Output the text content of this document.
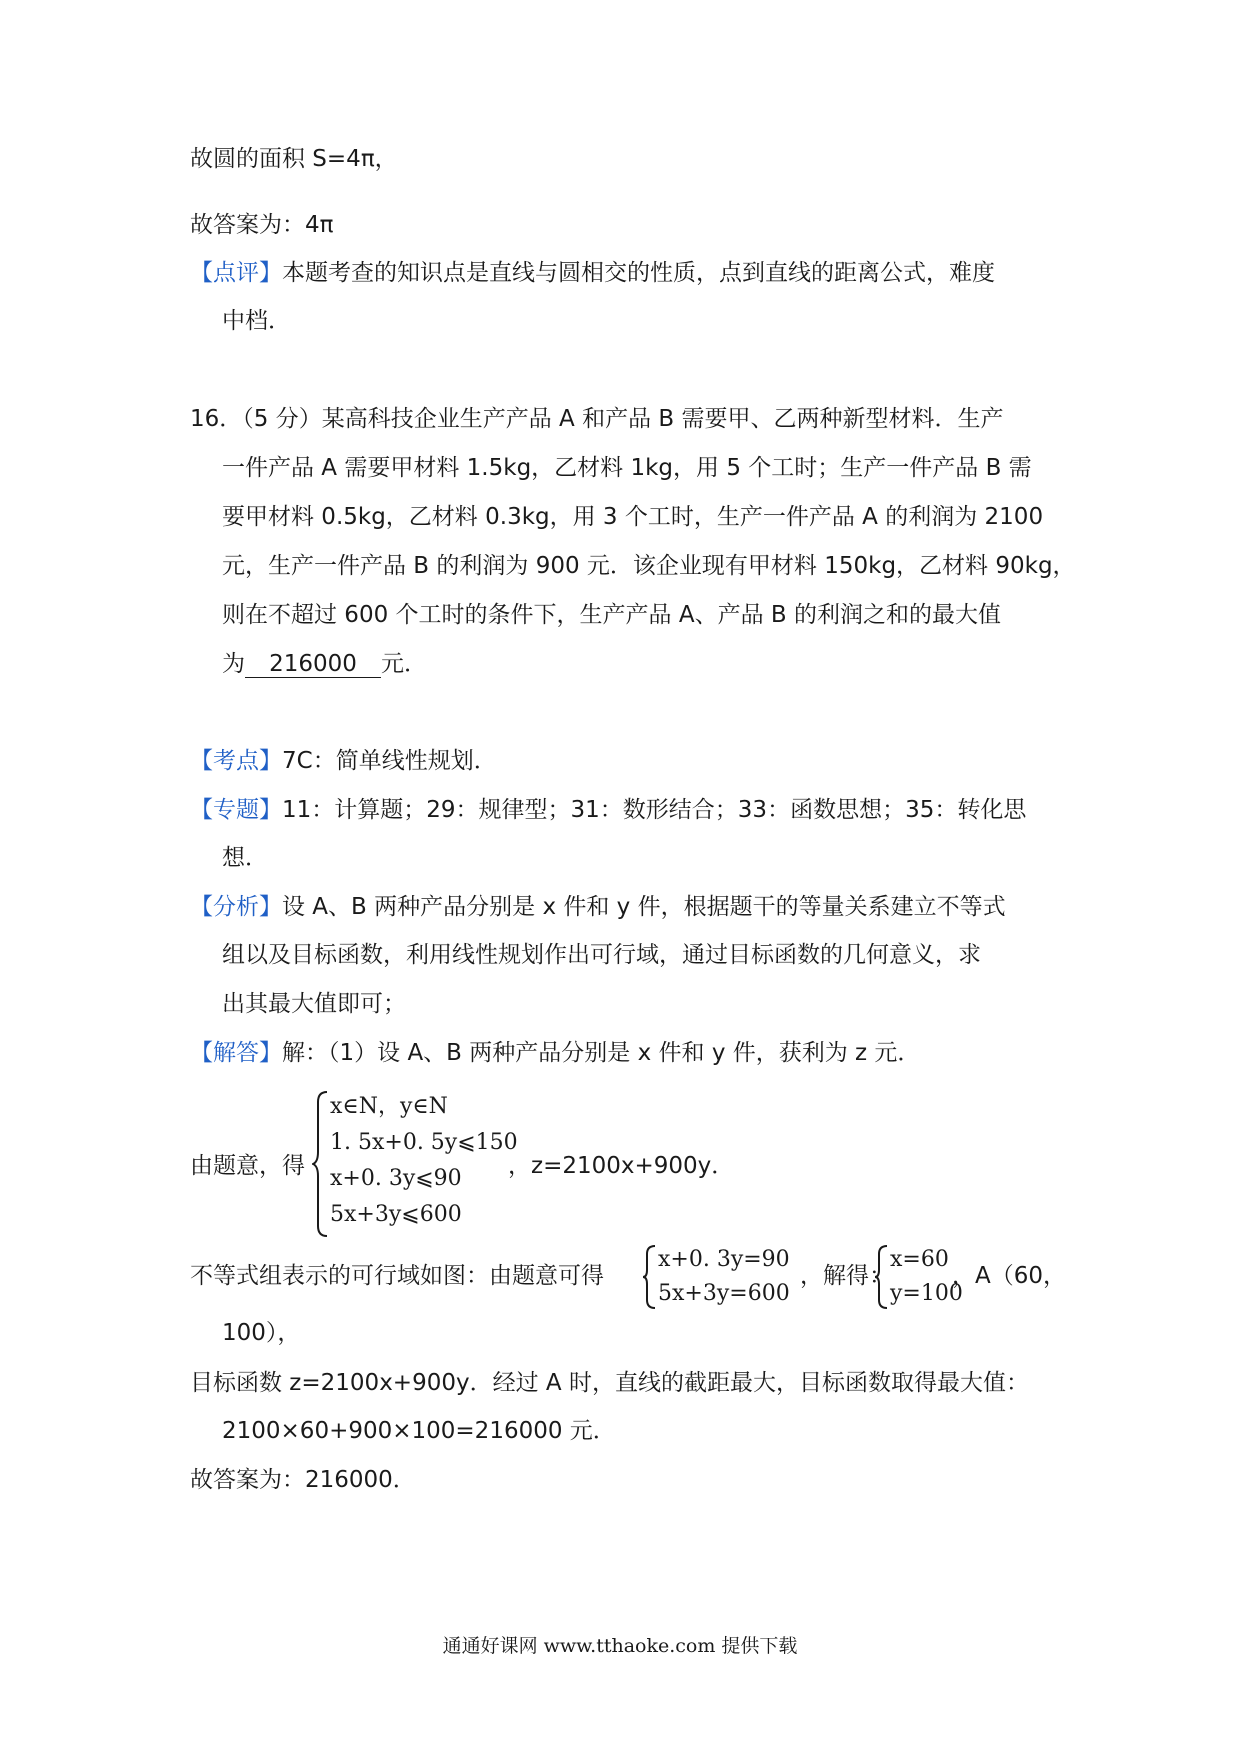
故圆的面积 S=4π，
故答案为：4π
【点评】本题考查的知识点是直线与圆相交的性质，点到直线的距离公式，难度
中档．
16．（5 分）某高科技企业生产产品 A 和产品 B 需要甲、乙两种新型材料．生产
一件产品 A 需要甲材料 1.5kg，乙材料 1kg，用 5 个工时；生产一件产品 B 需
要甲材料 0.5kg，乙材料 0.3kg，用 3 个工时，生产一件产品 A 的利润为 2100
元，生产一件产品 B 的利润为 900 元．该企业现有甲材料 150kg，乙材料 90kg，
则在不超过 600 个工时的条件下，生产产品 A、产品 B 的利润之和的最大值
为 216000 元．
【考点】7C：简单线性规划．
【专题】11：计算题；29：规律型；31：数形结合；33：函数思想；35：转化思
想．
【分析】设 A、B 两种产品分别是 x 件和 y 件，根据题干的等量关系建立不等式
组以及目标函数，利用线性规划作出可行域，通过目标函数的几何意义，求
出其最大值即可；
【解答】解：（1）设 A、B 两种产品分别是 x 件和 y 件，获利为 z 元．
由题意，得
x∈N，y∈N
1. 5x+0. 5y⩽150
x+0. 3y⩽90
5x+3y⩽600
，z=2100x+900y．
不等式组表示的可行域如图：由题意可得
x+0. 3y=90
5x+3y=600
，解得：
x=60
y=100
，A（60，
100），
目标函数 z=2100x+900y．经过 A 时，直线的截距最大，目标函数取得最大值：
2100×60+900×100=216000 元．
故答案为：216000．
通通好课网 www.tthaoke.com 提供下载
